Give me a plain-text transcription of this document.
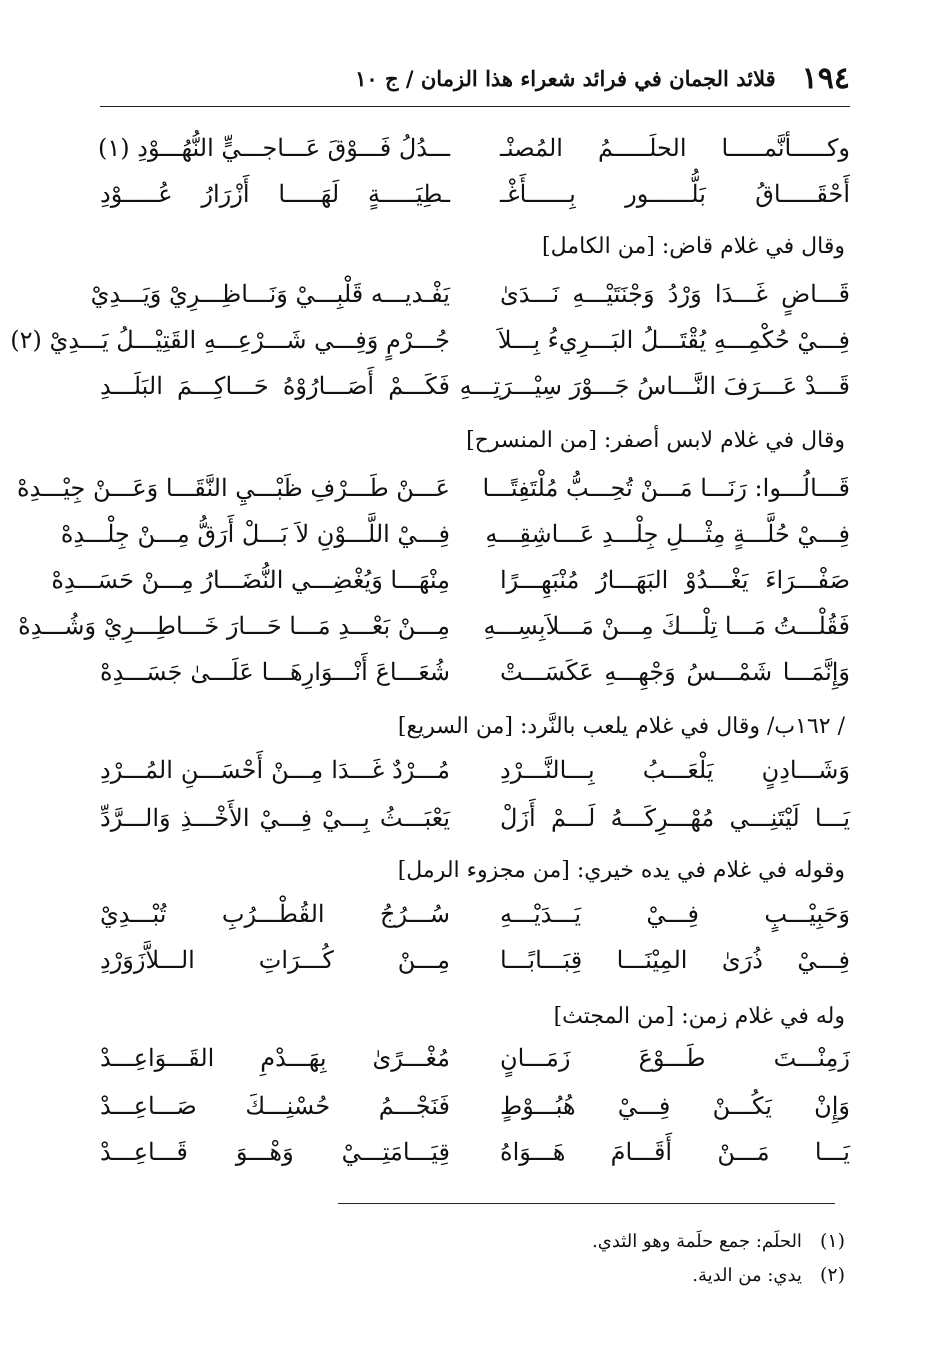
١٩٤
قلائد الجمان في فرائد شعراء هذا الزمان / ج ١٠
وكـــــأنَّمـــــا الحلَـــــمُ المُصنْـ
ـــدُلُ فَـــوْقَ عَـــاجـــيٍّ النُّهُـــوْدِ (١)
أَحْقَـــــاقُ بَلُّــــــور بِــــــأَغْـ
ـطِيَـــــةٍ لَهَـــــا أَزْرَارُ عُـــــوْدِ
وقال في غلام قاض: [من الكامل]
قَـــاضٍ غَـــدَا وَرْدُ وَجْنَتَيْـــهِ نَـــدَىٰ
يَفْـديـــه قَلْبِـــيْ وَنَـــاظِـــرِيْ وَيَـــدِيْ
فِـــيْ حُكْمِـــهِ يُقْتَـــلُ البَـــرِيءُ بِـــلاَ
جُـــرْمٍ وَفِـــي شَـــرْعِـــهِ القَتِيْـــلُ يَـــدِيْ (٢)
قَـــدْ عَـــرَفَ النَّـــاسُ جَـــوْرَ سِيْـــرَتِـــهِ
فَكَـــمْ أَصَـــارُوْهُ حَـــاكِـــمَ البَلَـــدِ
وقال في غلام لابس أصفر: [من المنسرح]
قَـــالُـــوا: رَنَـــا مَـــنْ تُحِـــبُّ مُلْتَفِتًـــا
عَـــنْ طَـــرْفِ ظَبْـــيِ النَّقَـــا وَعَـــنْ جِيْـــدِهْ
فِـــيْ حُلَّـــةٍ مِثْـــلِ جِلْـــدِ عَـــاشِقِـــهِ
فِـــيْ اللَّـــوْنِ لاَ بَـــلْ أَرَقُّ مِـــنْ جِلْـــدِهْ
صَفْـــرَاءَ يَغْـــدُوْ البَهَـــارُ مُنْبَهِـــرًا
مِنْهَـــا وَيُغْضِـــي النُّضَـــارُ مِـــنْ حَسَـــدِهْ
فَقُلْـــتُ مَـــا تِلْـــكَ مِـــنْ مَـــلاَبِسِـــهِ
مِـــنْ بَعْـــدِ مَـــا حَـــارَ خَـــاطِـــرِيْ وَشُـــدِهْ
وَإِنَّمَـــا شَمْـــسُ وَجْهِـــهِ عَكَسَـــتْ
شُعَـــاعَ أَنْـــوَارِهَـــا عَلَـــىٰ جَسَـــدِهْ
/ ١٦٢ب/ وقال في غلام يلعب بالنَّرد: [من السريع]
وَشَـــادِنٍ يَلْعَـــبُ بِـــالنَّـــرْدِ
مُـــرْدٌ غَـــدَا مِـــنْ أَحْسَـــنِ المُـــرْدِ
يَـــا لَيْتَنِـــي مُهْـــرِكَـــهُ لَـــمْ أَزَلْ
يَعْبَـــثُ بِـــيْ فِـــيْ الأَخْـــذِ وَالـــرَّدِّ
وقوله في غلام في يده خيري: [من مجزوء الرمل]
وَحَبِيْـــبٍ فِـــيْ يَـــدَيْـــهِ
سُـــرُجُ القُطْـــرُبِ تُبْـــدِيْ
فِـــيْ ذُرَىٰ المِيْنَـــا قِبَـــابًـــا
مِـــنْ كُـــرَاتِ الـــلاَّزَوَرْدِ
وله في غلام زمن: [من المجتث]
زَمِنْـــتَ طَـــوْعَ زَمَـــانٍ
مُغْـــرًىٰ بِهَـــدْمِ القَـــوَاعِـــدْ
وَإِنْ يَكُـــنْ فِـــيْ هُبُـــوْطٍ
فَنَجْـــمُ حُسْنِـــكَ صَـــاعِـــدْ
يَـــا مَـــنْ أَقَـــامَ هَـــوَاهُ
قِيَـــامَتِـــيْ وَهْـــوَ قَـــاعِـــدْ
(١)
الحلَم: جمع حلَمة وهو الثدي.
(٢)
يدي: من الدية.
